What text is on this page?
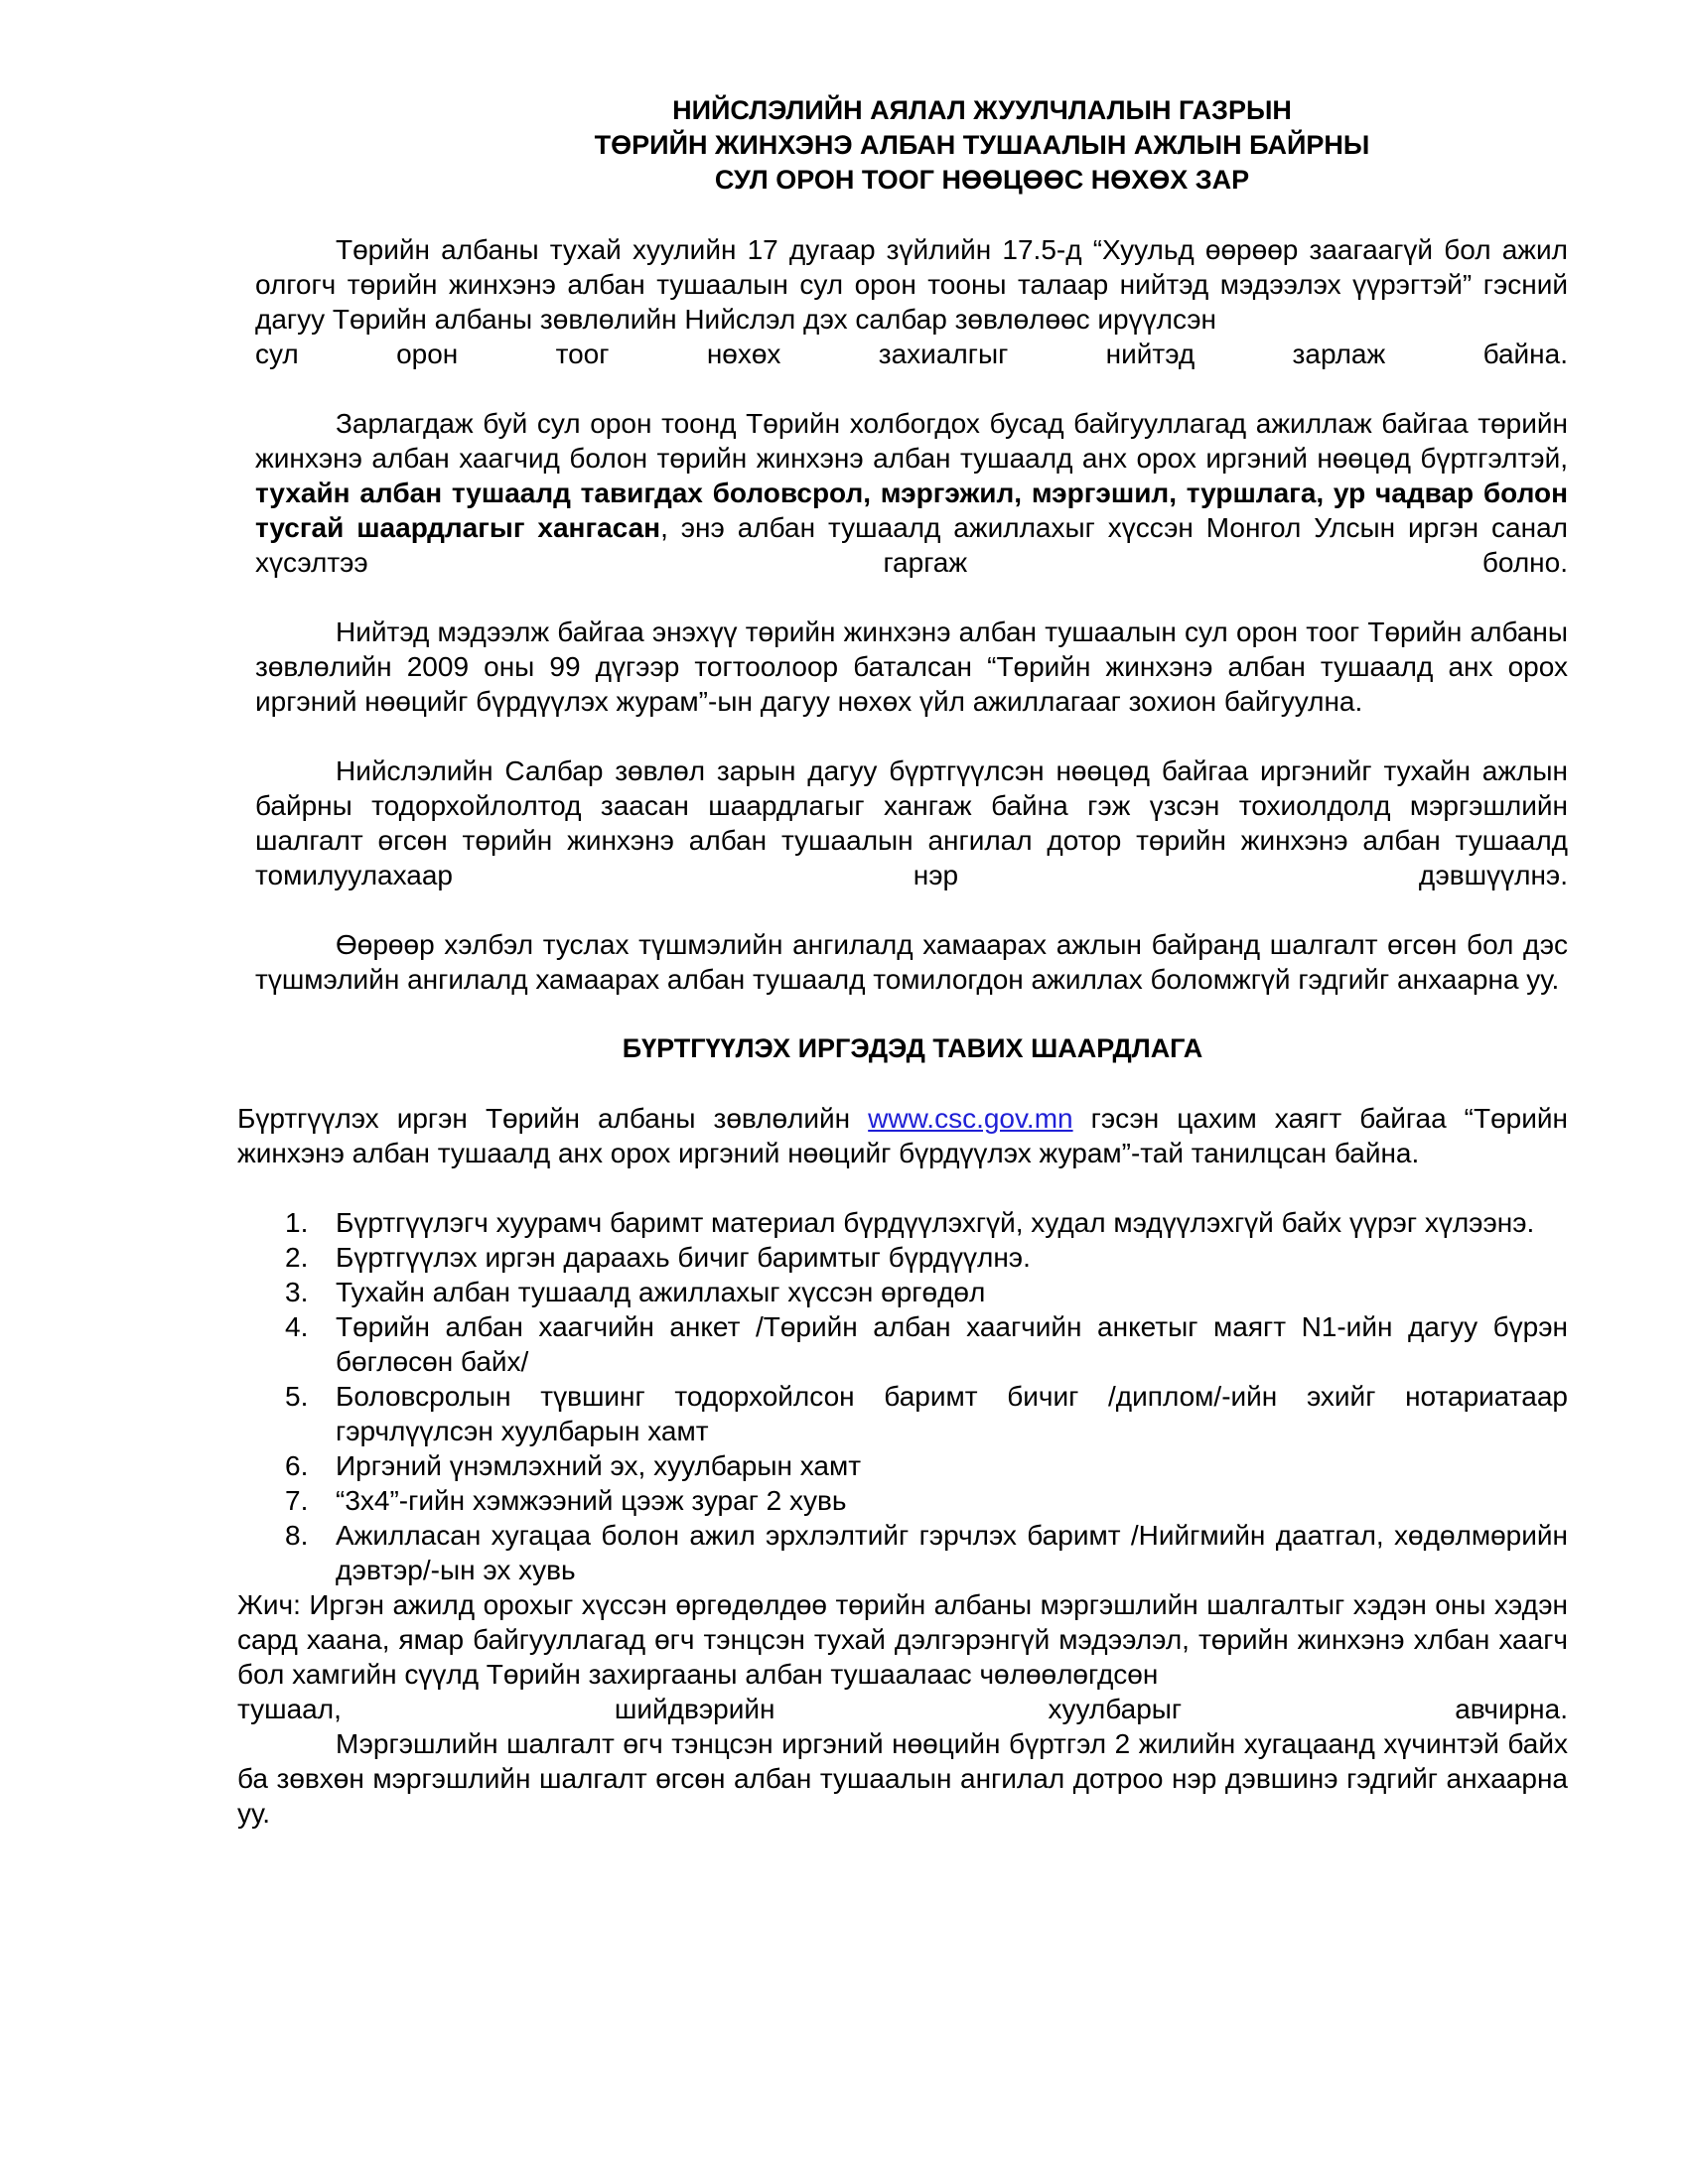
НИЙСЛЭЛИЙН АЯЛАЛ ЖУУЛЧЛАЛЫН ГАЗРЫН
ТӨРИЙН ЖИНХЭНЭ АЛБАН ТУШААЛЫН АЖЛЫН БАЙРНЫ
СУЛ ОРОН ТООГ НӨӨЦӨӨС НӨХӨХ ЗАР
Төрийн албаны тухай хуулийн 17 дугаар зүйлийн 17.5-д “Хуульд өөрөөр заагаагүй бол ажил олгогч төрийн жинхэнэ албан тушаалын сул орон тооны талаар нийтэд мэдээлэх үүрэгтэй” гэсний дагуу Төрийн албаны зөвлөлийн Нийслэл дэх салбар зөвлөлөөс ирүүлсэн
сул орон тоог нөхөх захиалгыг нийтэд зарлаж байна.
Зарлагдаж буй сул орон тоонд Төрийн холбогдох бусад байгууллагад ажиллаж байгаа төрийн жинхэнэ албан хаагчид болон төрийн жинхэнэ албан тушаалд анх орох иргэний нөөцөд бүртгэлтэй, тухайн албан тушаалд тавигдах боловсрол, мэргэжил, мэргэшил, туршлага, ур чадвар болон тусгай шаардлагыг хангасан, энэ албан тушаалд ажиллахыг хүссэн Монгол Улсын иргэн санал хүсэлтээ гаргаж болно.
Нийтэд мэдээлж байгаа энэхүү төрийн жинхэнэ албан тушаалын сул орон тоог Төрийн албаны зөвлөлийн 2009 оны 99 дүгээр тогтоолоор баталсан “Төрийн жинхэнэ албан тушаалд анх орох иргэний нөөцийг бүрдүүлэх журам”-ын дагуу нөхөх үйл ажиллагааг зохион байгуулна.
Нийслэлийн Салбар зөвлөл зарын дагуу бүртгүүлсэн нөөцөд байгаа иргэнийг тухайн ажлын байрны тодорхойлолтод заасан шаардлагыг хангаж байна гэж үзсэн тохиолдолд мэргэшлийн шалгалт өгсөн төрийн жинхэнэ албан тушаалын ангилал дотор төрийн жинхэнэ албан тушаалд томилуулахаар нэр дэвшүүлнэ.
Өөрөөр хэлбэл туслах түшмэлийн ангилалд хамаарах ажлын байранд шалгалт өгсөн бол дэс түшмэлийн ангилалд хамаарах албан тушаалд томилогдон ажиллах боломжгүй гэдгийг анхаарна уу.
БҮРТГҮҮЛЭХ ИРГЭДЭД ТАВИХ ШААРДЛАГА
Бүртгүүлэх иргэн Төрийн албаны зөвлөлийн www.csc.gov.mn гэсэн цахим хаягт байгаа “Төрийн жинхэнэ албан тушаалд анх орох иргэний нөөцийг бүрдүүлэх журам”-тай танилцсан байна.
1. Бүртгүүлэгч хуурамч баримт материал бүрдүүлэхгүй, худал мэдүүлэхгүй байх үүрэг хүлээнэ.
2. Бүртгүүлэх иргэн дараахь бичиг баримтыг бүрдүүлнэ.
3. Тухайн албан тушаалд ажиллахыг хүссэн өргөдөл
4. Төрийн албан хаагчийн анкет /Төрийн албан хаагчийн анкетыг маягт N1-ийн дагуу бүрэн бөглөсөн байх/
5. Боловсролын түвшинг тодорхойлсон баримт бичиг /диплом/-ийн эхийг нотариатаар гэрчлүүлсэн хуулбарын хамт
6. Иргэний үнэмлэхний эх, хуулбарын хамт
7. “3х4”-гийн хэмжээний цээж зураг 2 хувь
8. Ажилласан хугацаа болон ажил эрхлэлтийг гэрчлэх баримт /Нийгмийн даатгал, хөдөлмөрийн дэвтэр/-ын эх хувь
Жич: Иргэн ажилд орохыг хүссэн өргөдөлдөө төрийн албаны мэргэшлийн шалгалтыг хэдэн оны хэдэн сард хаана, ямар байгууллагад өгч тэнцсэн тухай дэлгэрэнгүй мэдээлэл, төрийн жинхэнэ хлбан хаагч бол хамгийн сүүлд Төрийн захиргааны албан тушаалаас чөлөөлөгдсөн
тушаал, шийдвэрийн хуулбарыг авчирна.
Мэргэшлийн шалгалт өгч тэнцсэн иргэний нөөцийн бүртгэл 2 жилийн хугацаанд хүчинтэй байх ба зөвхөн мэргэшлийн шалгалт өгсөн албан тушаалын ангилал дотроо нэр дэвшинэ гэдгийг анхаарна уу.
